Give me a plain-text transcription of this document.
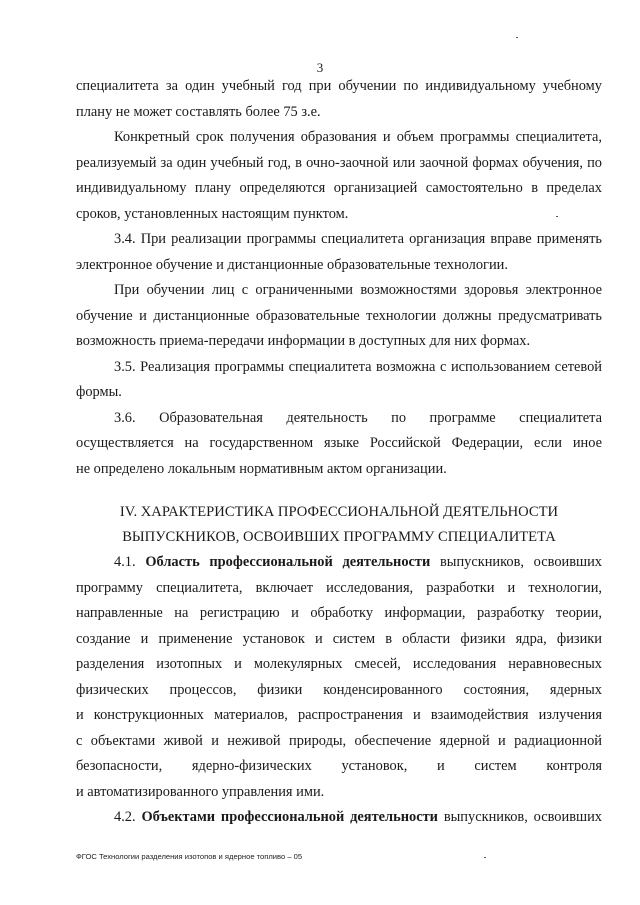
3
специалитета за один учебный год при обучении по индивидуальному учебному
плану не может составлять более 75 з.е.
Конкретный срок получения образования и объем программы специалитета,
реализуемый за один учебный год, в очно-заочной или заочной формах обучения, по
индивидуальному плану определяются организацией самостоятельно в пределах
сроков, установленных настоящим пунктом.
3.4. При реализации программы специалитета организация вправе применять
электронное обучение и дистанционные образовательные технологии.
При обучении лиц с ограниченными возможностями здоровья электронное
обучение и дистанционные образовательные технологии должны предусматривать
возможность приема-передачи информации в доступных для них формах.
3.5. Реализация программы специалитета возможна с использованием сетевой
формы.
3.6. Образовательная деятельность по программе специалитета
осуществляется на государственном языке Российской Федерации, если иное
не определено локальным нормативным актом организации.
IV. ХАРАКТЕРИСТИКА ПРОФЕССИОНАЛЬНОЙ ДЕЯТЕЛЬНОСТИ
ВЫПУСКНИКОВ, ОСВОИВШИХ ПРОГРАММУ СПЕЦИАЛИТЕТА
4.1. Область профессиональной деятельности выпускников, освоивших
программу специалитета, включает исследования, разработки и технологии,
направленные на регистрацию и обработку информации, разработку теории,
создание и применение установок и систем в области физики ядра, физики
разделения изотопных и молекулярных смесей, исследования неравновесных
физических процессов, физики конденсированного состояния, ядерных
и конструкционных материалов, распространения и взаимодействия излучения
с объектами живой и неживой природы, обеспечение ядерной и радиационной
безопасности, ядерно-физических установок, и систем контроля
и автоматизированного управления ими.
4.2. Объектами профессиональной деятельности выпускников, освоивших
ФГОС Технологии разделения изотопов и ядерное топливо – 05
